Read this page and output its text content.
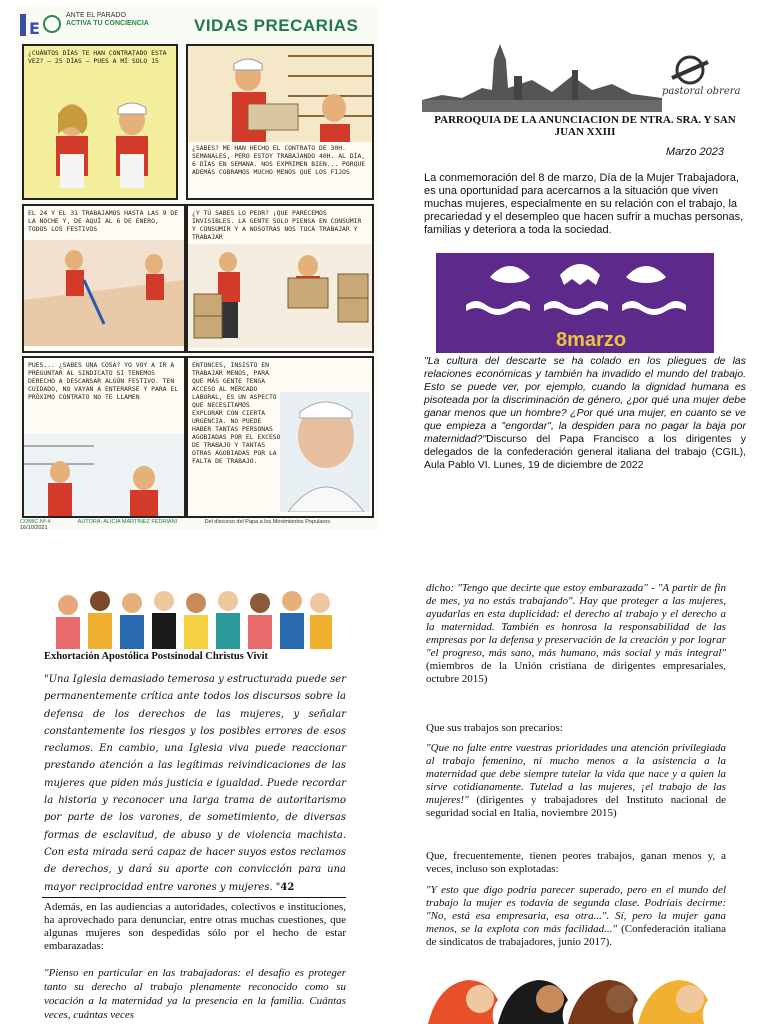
E
ANTE EL PARADO
ACTIVA TU CONCIENCIA	VIDAS PRECARIAS
¿CUÁNTOS DÍAS TE HAN CONTRATADO ESTA VEZ? — 25 DÍAS — PUES A MÍ SOLO 15
¿SABES? ME HAN HECHO EL CONTRATO DE 30H. SEMANALES, PERO ESTOY TRABAJANDO 40H. AL DÍA, 6 DÍAS EN SEMANA. NOS EXPRIMEN BIEN... PORQUE ADEMÁS COBRAMOS MUCHO MENOS QUE LOS FIJOS
EL 24 Y EL 31 TRABAJAMOS HASTA LAS 9 DE LA NOCHE Y, DE AQUÍ AL 6 DE ENERO, TODOS LOS FESTIVOS
¿Y TÚ SABES LO PEOR? ¡QUE PARECEMOS INVISIBLES. LA GENTE SOLO PIENSA EN CONSUMIR Y CONSUMIR Y A NOSOTRAS NOS TOCA TRABAJAR Y TRABAJAR
PUES... ¿SABES UNA COSA? YO VOY A IR A PREGUNTAR AL SINDICATO SI TENEMOS DERECHO A DESCANSAR ALGÚN FESTIVO. TEN CUIDADO, NO VAYAN A ENTERARSE Y PARA EL PRÓXIMO CONTRATO NO TE LLAMEN
ENTONCES, INSISTO EN TRABAJAR MENOS, PARA QUE MÁS GENTE TENGA ACCESO AL MERCADO LABORAL, ES UN ASPECTO QUE NECESITAMOS EXPLORAR CON CIERTA URGENCIA. NO PUEDE HABER TANTAS PERSONAS AGOBIADAS POR EL EXCESO DE TRABAJO Y TANTAS OTRAS AGOBIADAS POR LA FALTA DE TRABAJO.
COMIC Nº 4	AUTORA: ALICIA MARTÍNEZ FEDRIANI	Del discurso del Papa a los Movimientos Populares 16/10/2021
pastoral obrera
PARROQUIA DE LA ANUNCIACION DE NTRA. SRA. Y SAN JUAN XXIII
Marzo 2023
La conmemoración del 8 de marzo, Día de la Mujer Trabajadora, es una oportunidad para acercarnos a la situación que viven muchas mujeres, especialmente en su relación con el trabajo, la precariedad y el desempleo que hacen sufrir a muchas personas, familias y deteriora a toda la sociedad.
8marzo
"La cultura del descarte se ha colado en los pliegues de las relaciones económicas y también ha invadido el mundo del trabajo. Esto se puede ver, por ejemplo, cuando la dignidad humana es pisoteada por la discriminación de género, ¿por qué una mujer debe ganar menos que un hombre? ¿Por qué una mujer, en cuanto se ve que empieza a "engordar", la despiden para no pagar la baja por maternidad?"Discurso del Papa Francisco a los dirigentes y delegados de la confederación general italiana del trabajo (CGIL), Aula Pablo VI. Lunes, 19 de diciembre de 2022
Exhortación Apostólica Postsinodal Christus Vivit
"Una Iglesia demasiado temerosa y estructurada puede ser permanentemente crítica ante todos los discursos sobre la defensa de los derechos de las mujeres, y señalar constantemente los riesgos y los posibles errores de esos reclamos. En cambio, una Iglesia viva puede reaccionar prestando atención a las legítimas reivindicaciones de las mujeres que piden más justicia e igualdad. Puede recordar la historia y reconocer una larga trama de autoritarismo por parte de los varones, de sometimiento, de diversas formas de esclavitud, de abuso y de violencia machista. Con esta mirada será capaz de hacer suyos estos reclamos de derechos, y dará su aporte con convicción para una mayor reciprocidad entre varones y mujeres. "42
Además, en las audiencias a autoridades, colectivos e instituciones, ha aprovechado para denunciar, entre otras muchas cuestiones, que algunas mujeres son despedidas sólo por el hecho de estar embarazadas:
"Pienso en particular en las trabajadoras: el desafío es proteger tanto su derecho al trabajo plenamente reconocido como su vocación a la maternidad ya la presencia en la familia. Cuántas veces, cuántas veces
dicho: "Tengo que decirte que estoy embarazada" - "A partir de fin de mes, ya no estás trabajando". Hay que proteger a las mujeres, ayudarlas en esta duplicidad: el derecho al trabajo y el derecho a la maternidad. También es honrosa la responsabilidad de las empresas por la defensa y preservación de la creación y por lograr "el progreso, más sano, más humano, más social y más integral" (miembros de la Unión cristiana de dirigentes empresariales, octubre 2015)
Que sus trabajos son precarios:
"Que no falte entre vuestras prioridades una atención privilegiada al trabajo femenino, ni mucho menos a la asistencia a la maternidad que debe siempre tutelar la vida que nace y a quien la sirve cotidianamente. Tutelad a las mujeres, ¡el trabajo de las mujeres!" (dirigentes y trabajadores del Instituto nacional de seguridad social en Italia, noviembre 2015)
Que, frecuentemente, tienen peores trabajos, ganan menos y, a veces, incluso son explotadas:
"Y esto que digo podría parecer superado, pero en el mundo del trabajo la mujer es todavía de segunda clase. Podríais decirme: "No, está esa empresaria, esa otra...". Sí, pero la mujer gana menos, se la explota con más facilidad..." (Confederación italiana de sindicatos de trabajadores, junio 2017).
